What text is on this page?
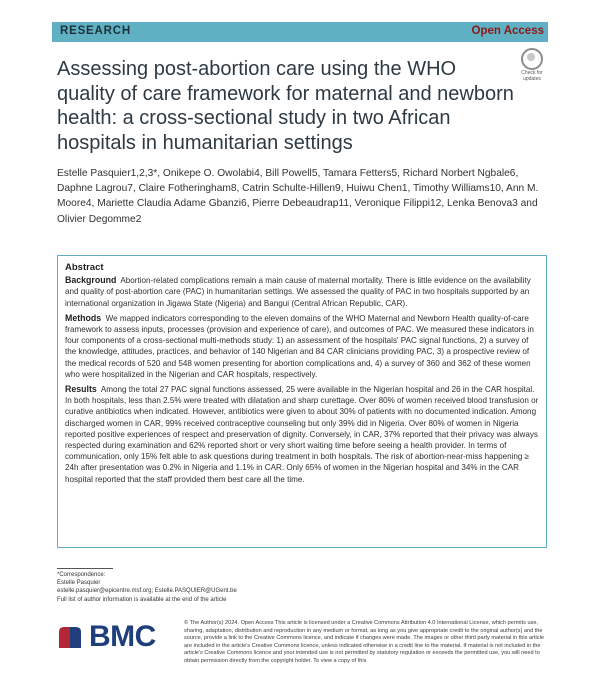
RESEARCH	Open Access
Check for updates
Assessing post-abortion care using the WHO quality of care framework for maternal and newborn health: a cross-sectional study in two African hospitals in humanitarian settings
Estelle Pasquier1,2,3*, Onikepe O. Owolabi4, Bill Powell5, Tamara Fetters5, Richard Norbert Ngbale6, Daphne Lagrou7, Claire Fotheringham8, Catrin Schulte-Hillen9, Huiwu Chen1, Timothy Williams10, Ann M. Moore4, Mariette Claudia Adame Gbanzi6, Pierre Debeaudrap11, Veronique Filippi12, Lenka Benova3 and Olivier Degomme2
Abstract

Background Abortion-related complications remain a main cause of maternal mortality. There is little evidence on the availability and quality of post-abortion care (PAC) in humanitarian settings. We assessed the quality of PAC in two hospitals supported by an international organization in Jigawa State (Nigeria) and Bangui (Central African Republic, CAR).

Methods We mapped indicators corresponding to the eleven domains of the WHO Maternal and Newborn Health quality-of-care framework to assess inputs, processes (provision and experience of care), and outcomes of PAC. We measured these indicators in four components of a cross-sectional multi-methods study: 1) an assessment of the hospitals' PAC signal functions, 2) a survey of the knowledge, attitudes, practices, and behavior of 140 Nigerian and 84 CAR clinicians providing PAC, 3) a prospective review of the medical records of 520 and 548 women presenting for abortion complications and, 4) a survey of 360 and 362 of these women who were hospitalized in the Nigerian and CAR hospitals, respectively.

Results Among the total 27 PAC signal functions assessed, 25 were available in the Nigerian hospital and 26 in the CAR hospital. In both hospitals, less than 2.5% were treated with dilatation and sharp curettage. Over 80% of women received blood transfusion or curative antibiotics when indicated. However, antibiotics were given to about 30% of patients with no documented indication. Among discharged women in CAR, 99% received contraceptive counseling but only 39% did in Nigeria. Over 80% of women in Nigeria reported positive experiences of respect and preservation of dignity. Conversely, in CAR, 37% reported that their privacy was always respected during examination and 62% reported short or very short waiting time before seeing a health provider. In terms of communication, only 15% felt able to ask questions during treatment in both hospitals. The risk of abortion-near-miss happening ≥ 24h after presentation was 0.2% in Nigeria and 1.1% in CAR. Only 65% of women in the Nigerian hospital and 34% in the CAR hospital reported that the staff provided them best care all the time.

*Correspondence:
Estelle Pasquier
estelle.pasquier@epicentre.msf.org; Estelle.PASQUIER@UGent.be
Full list of author information is available at the end of the article
BMC	© The Author(s) 2024. Open Access This article is licensed under a Creative Commons Attribution 4.0 International License, which permits use, sharing, adaptation, distribution and reproduction in any medium or format, as long as you give appropriate credit to the original author(s) and the source, provide a link to the Creative Commons licence, and indicate if changes were made. The images or other third party material in this article are included in the article's Creative Commons licence, unless indicated otherwise in a credit line to the material. If material is not included in the article's Creative Commons licence and your intended use is not permitted by statutory regulation or exceeds the permitted use, you will need to obtain permission directly from the copyright holder. To view a copy of this
